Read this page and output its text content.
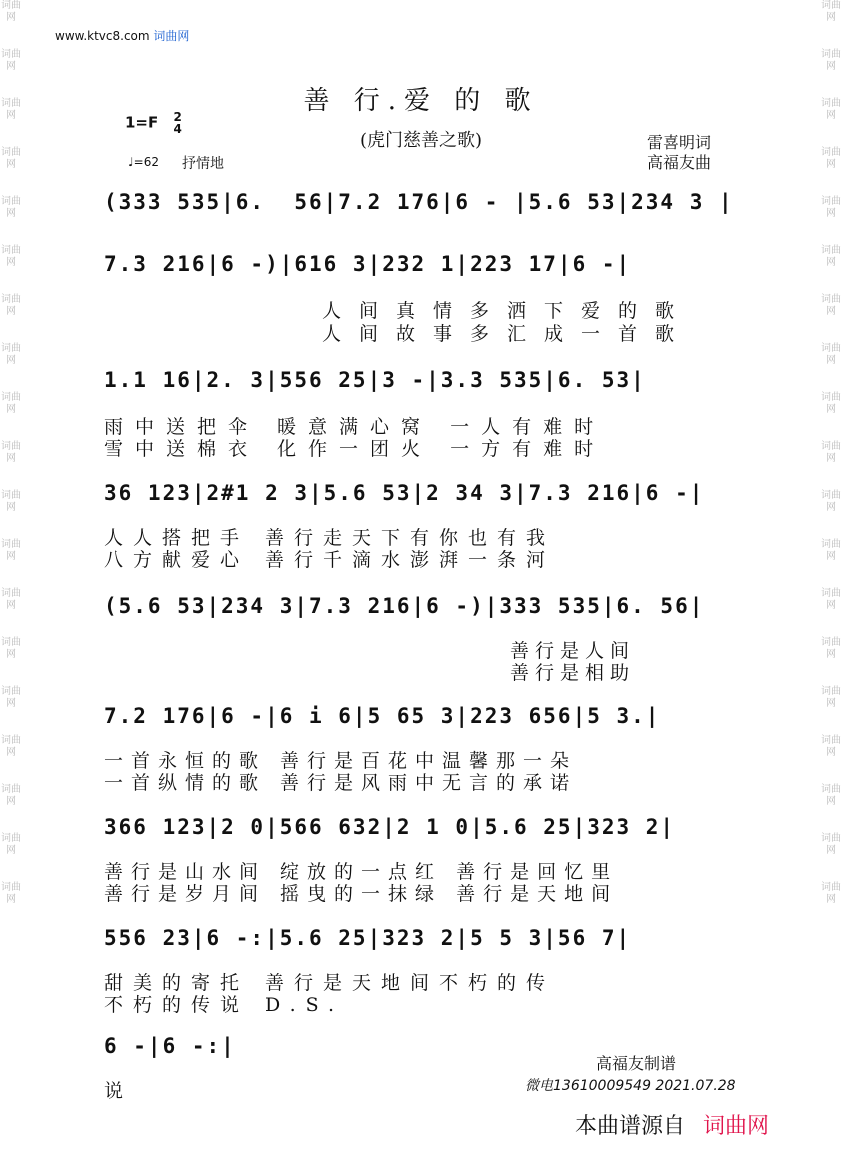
词曲网
词曲网
词曲网
词曲网
词曲网
词曲网
词曲网
词曲网
词曲网
词曲网
词曲网
词曲网
词曲网
词曲网
词曲网
词曲网
词曲网
词曲网
词曲网
词曲网
词曲网
词曲网
词曲网
词曲网
词曲网
词曲网
词曲网
词曲网
词曲网
词曲网
词曲网
词曲网
词曲网
词曲网
词曲网
词曲网
词曲网
词曲网
www.ktvc8.com 词曲网
善 行.爱 的 歌
(虎门慈善之歌)
1=F 2
4
♩=62 抒情地
雷喜明词
高福友曲
(333 535|6.  56|7.2 176|6 - |5.6 53|234 3 |
7.3 216|6 -)|616 3|232 1|223 17|6 -|
人间真情多洒下爱的歌
人间故事多汇成一首歌
1.1 16|2. 3|556 25|3 -|3.3 535|6. 53|
雨中送把伞 暖意满心窝 一人有难时
雪中送棉衣 化作一团火 一方有难时
36 123|2#1 2 3|5.6 53|2 34 3|7.3 216|6 -|
人人搭把手 善行走天下有你也有我
八方献爱心 善行千滴水澎湃一条河
(5.6 53|234 3|7.3 216|6 -)|333 535|6. 56|
善行是人间
善行是相助
7.2 176|6 -|6 i 6|5 65 3|223 656|5 3.|
一首永恒的歌 善行是百花中温馨那一朵
一首纵情的歌 善行是风雨中无言的承诺
366 123|2 0|566 632|2 1 0|5.6 25|323 2|
善行是山水间 绽放的一点红 善行是回忆里
善行是岁月间 摇曳的一抹绿 善行是天地间
556 23|6 -:|5.6 25|323 2|5 5 3|56 7|
甜美的寄托 善行是天地间不朽的传
不朽的传说 D.S.
6 -|6 -:|
说
高福友制谱
微电13610009549 2021.07.28
本曲谱源自 词曲网
